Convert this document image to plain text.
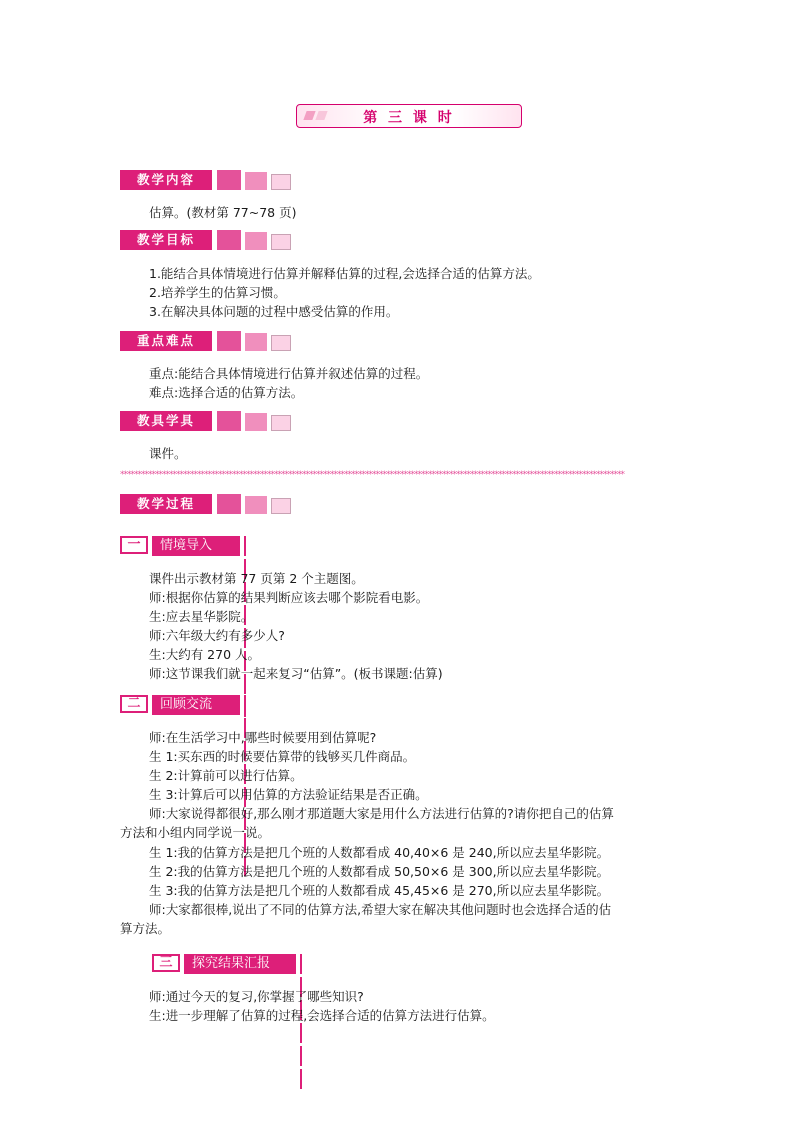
第 三 课 时
教学内容
估算。(教材第 77~78 页)
教学目标
1.能结合具体情境进行估算并解释估算的过程,会选择合适的估算方法。
2.培养学生的估算习惯。
3.在解决具体问题的过程中感受估算的作用。
重点难点
重点:能结合具体情境进行估算并叙述估算的过程。
难点:选择合适的估算方法。
教具学具
课件。
************************************************************************************************************************************************
教学过程
一	情境导入
课件出示教材第 77 页第 2 个主题图。
师:根据你估算的结果判断应该去哪个影院看电影。
生:应去星华影院。
师:六年级大约有多少人?
生:大约有 270 人。
师:这节课我们就一起来复习“估算”。(板书课题:估算)
二	回顾交流
师:在生活学习中,哪些时候要用到估算呢?
生 1:买东西的时候要估算带的钱够买几件商品。
生 2:计算前可以进行估算。
生 3:计算后可以用估算的方法验证结果是否正确。
师:大家说得都很好,那么刚才那道题大家是用什么方法进行估算的?请你把自己的估算
方法和小组内同学说一说。
生 1:我的估算方法是把几个班的人数都看成 40,40×6 是 240,所以应去星华影院。
生 2:我的估算方法是把几个班的人数都看成 50,50×6 是 300,所以应去星华影院。
生 3:我的估算方法是把几个班的人数都看成 45,45×6 是 270,所以应去星华影院。
师:大家都很棒,说出了不同的估算方法,希望大家在解决其他问题时也会选择合适的估
算方法。
三	探究结果汇报
师:通过今天的复习,你掌握了哪些知识?
生:进一步理解了估算的过程,会选择合适的估算方法进行估算。
